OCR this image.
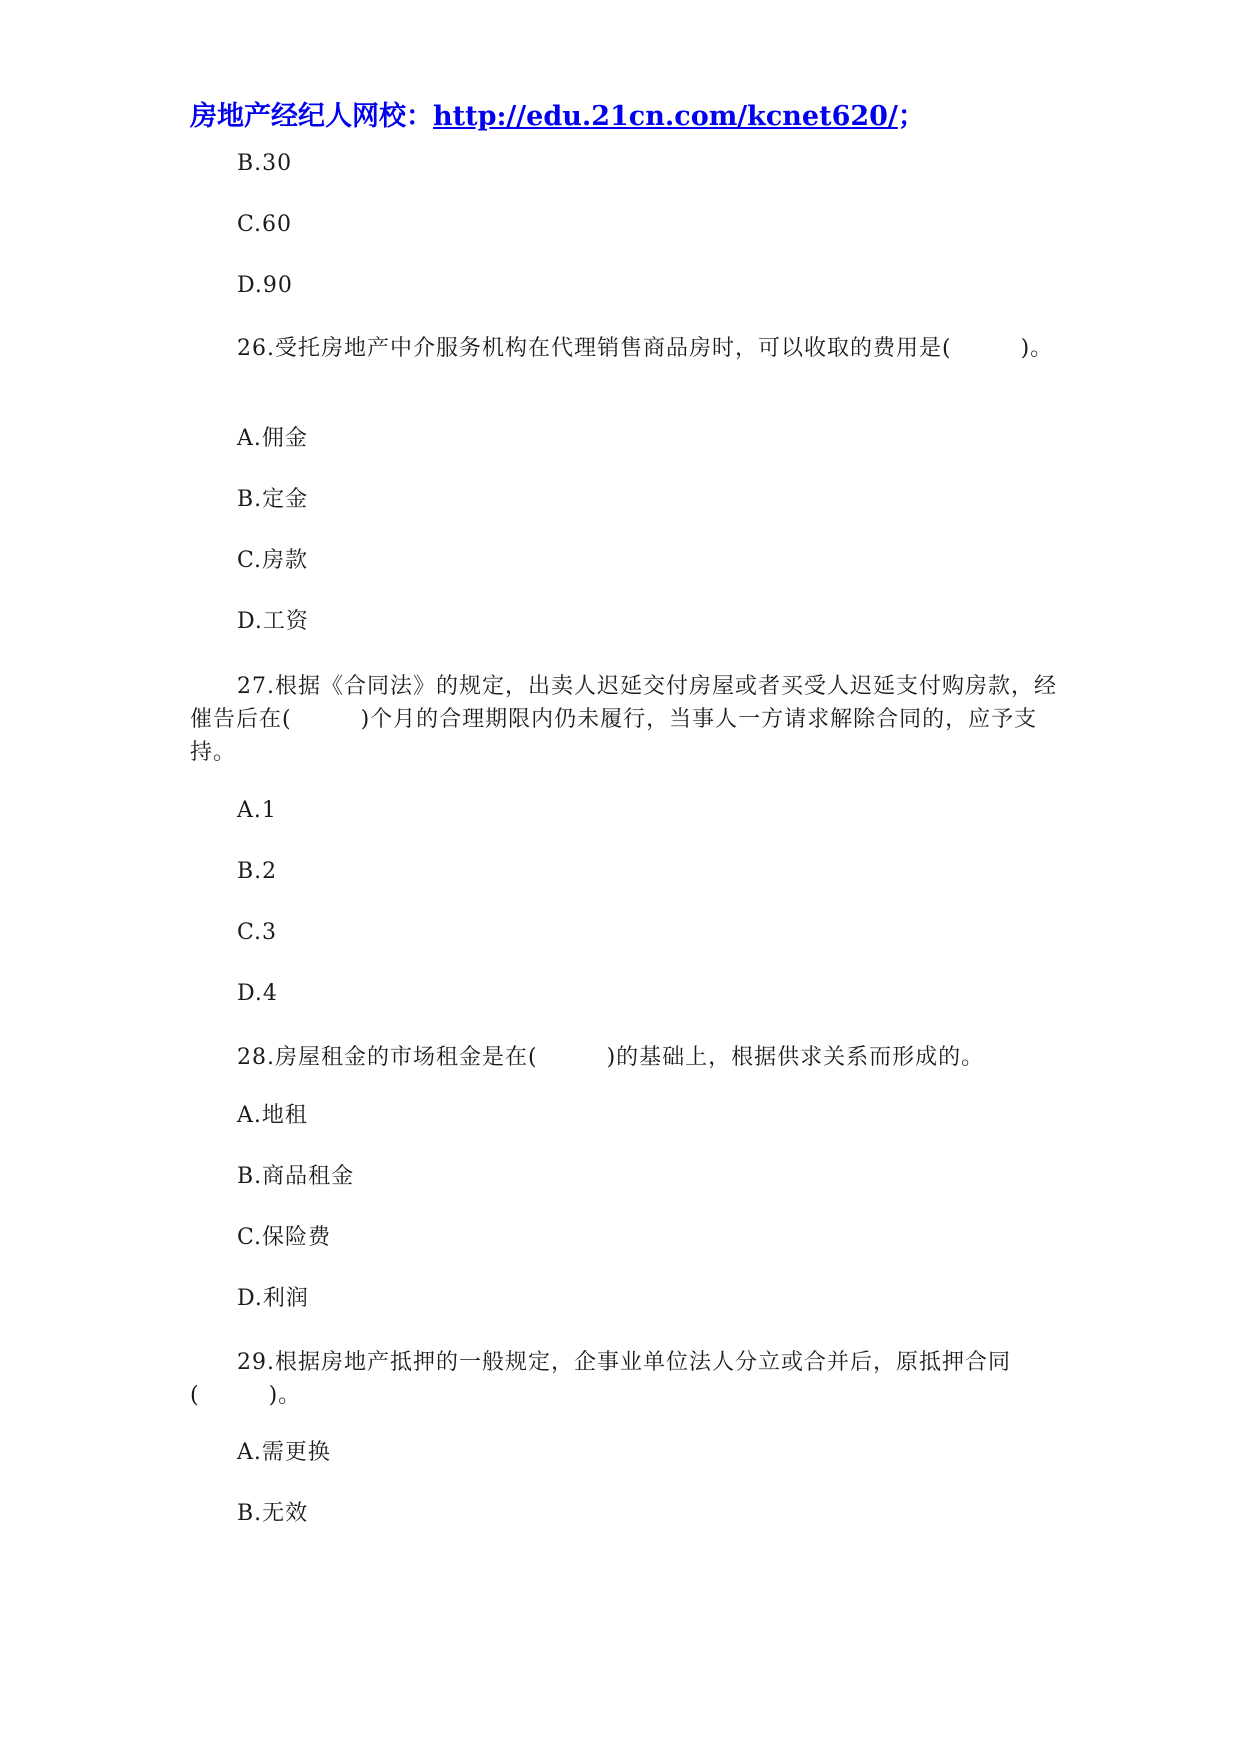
房地产经纪人网校：http://edu.21cn.com/kcnet620/；
B.30
C.60
D.90
26.受托房地产中介服务机构在代理销售商品房时，可以收取的费用是(　　　)。
A.佣金
B.定金
C.房款
D.工资
27.根据《合同法》的规定，出卖人迟延交付房屋或者买受人迟延支付购房款，经催告后在(　　　)个月的合理期限内仍未履行，当事人一方请求解除合同的，应予支持。
A.1
B.2
C.3
D.4
28.房屋租金的市场租金是在(　　　)的基础上，根据供求关系而形成的。
A.地租
B.商品租金
C.保险费
D.利润
29.根据房地产抵押的一般规定，企事业单位法人分立或合并后，原抵押合同(　　　)。
A.需更换
B.无效
